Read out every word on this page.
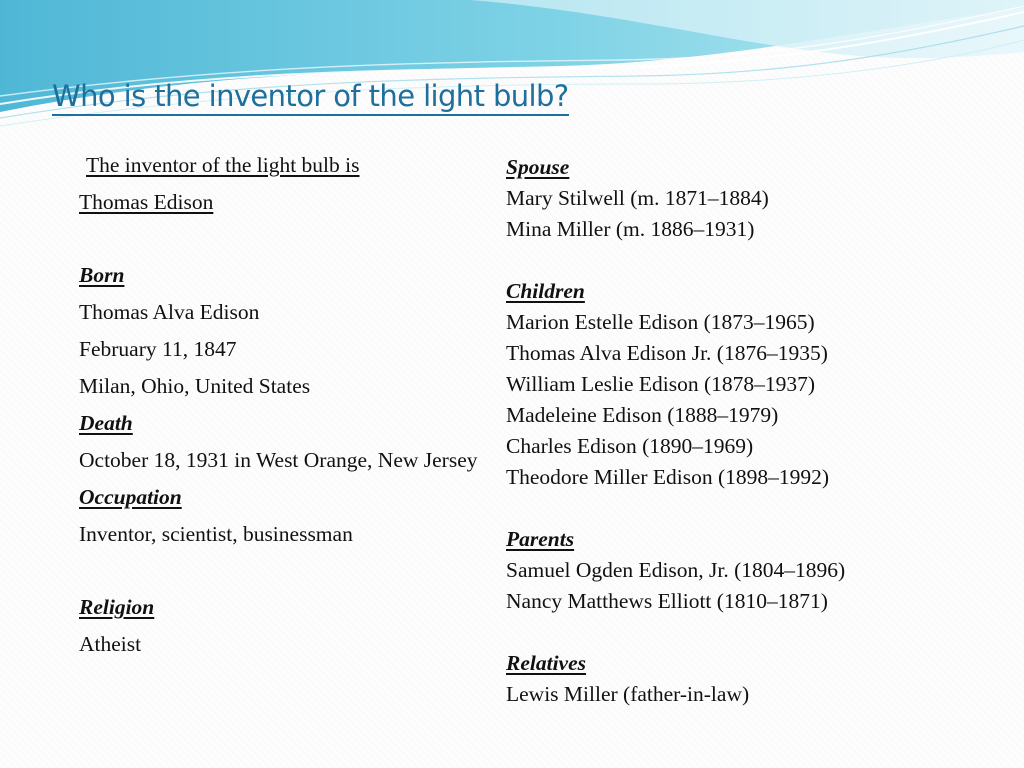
Who is the inventor of the light bulb?
The inventor of the light bulb is
Thomas Edison
Born
Thomas Alva Edison
February 11, 1847
Milan, Ohio, United States
Death
October 18, 1931 in West Orange, New Jersey
Occupation
Inventor, scientist, businessman
Religion
Atheist
Spouse
Mary Stilwell (m. 1871–1884)
Mina Miller (m. 1886–1931)
Children
Marion Estelle Edison (1873–1965)
Thomas Alva Edison Jr. (1876–1935)
William Leslie Edison (1878–1937)
Madeleine Edison (1888–1979)
Charles Edison (1890–1969)
Theodore Miller Edison (1898–1992)
Parents
Samuel Ogden Edison, Jr. (1804–1896)
Nancy Matthews Elliott (1810–1871)
Relatives
Lewis Miller (father-in-law)
